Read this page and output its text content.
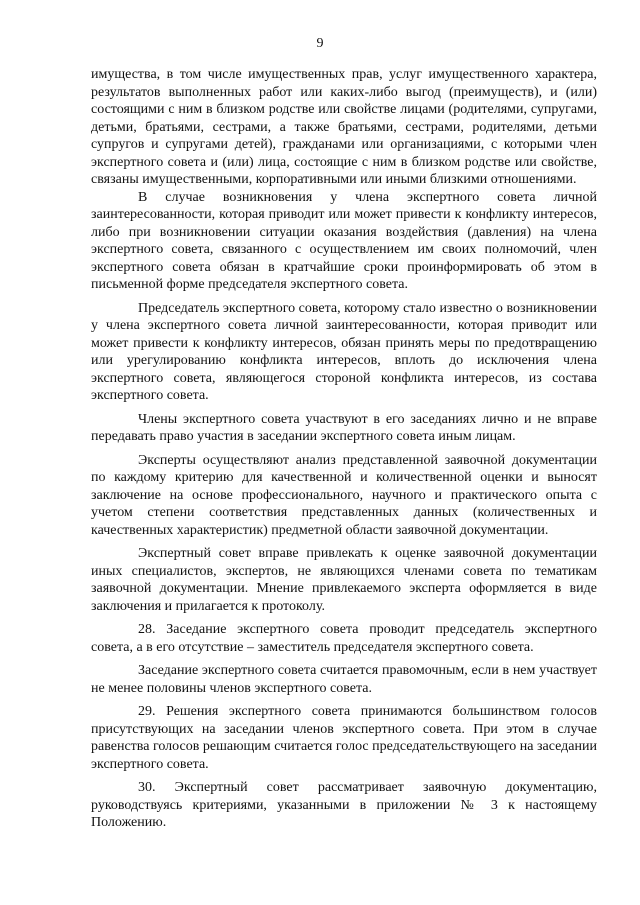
9

имущества, в том числе имущественных прав, услуг имущественного характера, результатов выполненных работ или каких-либо выгод (преимуществ), и (или) состоящими с ним в близком родстве или свойстве лицами (родителями, супругами, детьми, братьями, сестрами, а также братьями, сестрами, родителями, детьми супругов и супругами детей), гражданами или организациями, с которыми член экспертного совета и (или) лица, состоящие с ним в близком родстве или свойстве, связаны имущественными, корпоративными или иными близкими отношениями.

В случае возникновения у члена экспертного совета личной заинтересованности, которая приводит или может привести к конфликту интересов, либо при возникновении ситуации оказания воздействия (давления) на члена экспертного совета, связанного с осуществлением им своих полномочий, член экспертного совета обязан в кратчайшие сроки проинформировать об этом в письменной форме председателя экспертного совета.

Председатель экспертного совета, которому стало известно о возникновении у члена экспертного совета личной заинтересованности, которая приводит или может привести к конфликту интересов, обязан принять меры по предотвращению или урегулированию конфликта интересов, вплоть до исключения члена экспертного совета, являющегося стороной конфликта интересов, из состава экспертного совета.

Члены экспертного совета участвуют в его заседаниях лично и не вправе передавать право участия в заседании экспертного совета иным лицам.

Эксперты осуществляют анализ представленной заявочной документации по каждому критерию для качественной и количественной оценки и выносят заключение на основе профессионального, научного и практического опыта с учетом степени соответствия представленных данных (количественных и качественных характеристик) предметной области заявочной документации.

Экспертный совет вправе привлекать к оценке заявочной документации иных специалистов, экспертов, не являющихся членами совета по тематикам заявочной документации. Мнение привлекаемого эксперта оформляется в виде заключения и прилагается к протоколу.

28. Заседание экспертного совета проводит председатель экспертного совета, а в его отсутствие – заместитель председателя экспертного совета.

Заседание экспертного совета считается правомочным, если в нем участвует не менее половины членов экспертного совета.

29. Решения экспертного совета принимаются большинством голосов присутствующих на заседании членов экспертного совета. При этом в случае равенства голосов решающим считается голос председательствующего на заседании экспертного совета.

30. Экспертный совет рассматривает заявочную документацию, руководствуясь критериями, указанными в приложении № 3 к настоящему Положению.
